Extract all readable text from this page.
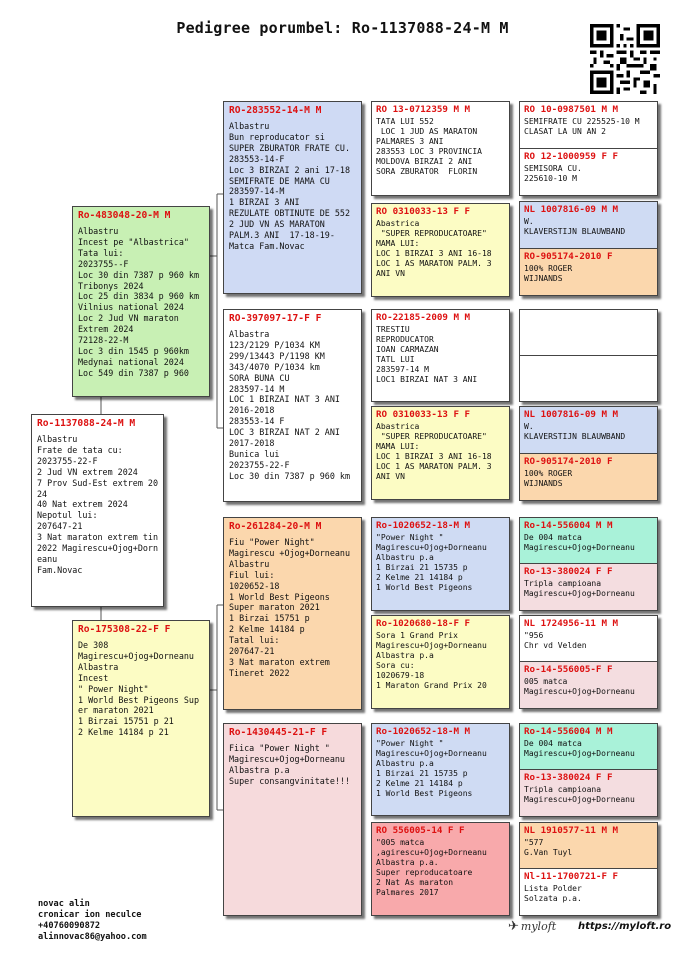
Pedigree porumbel: Ro-1137088-24-M M
Ro-1137088-24-M M
Albastru
Frate de tata cu:
2023755-22-F
2 Jud VN extrem 2024
7 Prov Sud-Est extrem 20
24
40 Nat extrem 2024
Nepotul lui:
207647-21
3 Nat maraton extrem tin
2022 Magirescu+Ojog+Dorn
eanu
Fam.Novac
Ro-483048-20-M M
Albastru
Incest pe "Albastrica"
Tata lui:
2023755--F
Loc 30 din 7387 p 960 km
Tribonys 2024
Loc 25 din 3834 p 960 km
Vilnius national 2024
Loc 2 Jud VN maraton
Extrem 2024
72128-22-M
Loc 3 din 1545 p 960km
Medynai national 2024
Loc 549 din 7387 p 960
Ro-175308-22-F F
De 308
Magirescu+Ojog+Dorneanu
Albastra
Incest
" Power Night"
1 World Best Pigeons Sup
er maraton 2021
1 Birzai 15751 p 21
2 Kelme 14184 p 21
RO-283552-14-M M
Albastru
Bun reproducator si
SUPER ZBURATOR FRATE CU.
283553-14-F
Loc 3 BIRZAI 2 ani 17-18
SEMIFRATE DE MAMA CU
283597-14-M
1 BIRZAI 3 ANI
REZULATE OBTINUTE DE 552
2 JUD VN AS MARATON
PALM.3 ANI  17-18-19-
Matca Fam.Novac
RO-397097-17-F F
Albastra
123/2129 P/1034 KM
299/13443 P/1198 KM
343/4070 P/1034 km
SORA BUNA CU
283597-14 M
LOC 1 BIRZAI NAT 3 ANI
2016-2018
283553-14 F
LOC 3 BIRZAI NAT 2 ANI
2017-2018
Bunica lui
2023755-22-F
Loc 30 din 7387 p 960 km
Ro-261284-20-M M
Fiu "Power Night"
Magirescu +Ojog+Dorneanu
Albastru
Fiul lui:
1020652-18
1 World Best Pigeons
Super maraton 2021
1 Birzai 15751 p
2 Kelme 14184 p
Tatal lui:
207647-21
3 Nat maraton extrem
Tineret 2022
Ro-1430445-21-F F
Fiica "Power Night "
Magirescu+Ojog+Dorneanu
Albastra p.a
Super consangvinitate!!!
RO 13-0712359 M M
TATA LUI 552
LOC 1 JUD AS MARATON
PALMARES 3 ANI
283553 LOC 3 PROVINCIA
MOLDOVA BIRZAI 2 ANI
SORA ZBURATOR  FLORIN
RO 0310033-13 F F
Abastrica
"SUPER REPRODUCATOARE"
MAMA LUI:
LOC 1 BIRZAI 3 ANI 16-18
LOC 1 AS MARATON PALM. 3
ANI VN
RO-22185-2009 M M
TRESTIU
REPRODUCATOR
IOAN CARMAZAN
TATL LUI
283597-14 M
LOC1 BIRZAI NAT 3 ANI
RO 0310033-13 F F
Abastrica
"SUPER REPRODUCATOARE"
MAMA LUI:
LOC 1 BIRZAI 3 ANI 16-18
LOC 1 AS MARATON PALM. 3
ANI VN
Ro-1020652-18-M M
"Power Night "
Magirescu+Ojog+Dorneanu
Albastru p.a
1 Birzai 21 15735 p
2 Kelme 21 14184 p
1 World Best Pigeons
Ro-1020680-18-F F
Sora 1 Grand Prix
Magirescu+Ojog+Dorneanu
Albastra p.a
Sora cu:
1020679-18
1 Maraton Grand Prix 20
Ro-1020652-18-M M
"Power Night "
Magirescu+Ojog+Dorneanu
Albastru p.a
1 Birzai 21 15735 p
2 Kelme 21 14184 p
1 World Best Pigeons
RO 556005-14 F F
"005 matca
,agirescu+Ojog+Dorneanu
Albastra p.a.
Super reproducatoare
2 Nat As maraton
Palmares 2017
RO 10-0987501 M M
SEMIFRATE CU 225525-10 M
CLASAT LA UN AN 2
RO 12-1000959 F F
SEMISORA CU.
225610-10 M
NL 1007816-09 M M
W.
KLAVERSTIJN BLAUWBAND
RO-905174-2010 F
100% ROGER
WIJNANDS
NL 1007816-09 M M
W.
KLAVERSTIJN BLAUWBAND
RO-905174-2010 F
100% ROGER
WIJNANDS
Ro-14-556004 M M
De 004 matca
Magirescu+Ojog+Dorneanu
Ro-13-380024 F F
Tripla campioana
Magirescu+Ojog+Dorneanu
NL 1724956-11 M M
"956
Chr vd Velden
Ro-14-556005-F F
005 matca
Magirescu+Ojog+Dorneanu
Ro-14-556004 M M
De 004 matca
Magirescu+Ojog+Dorneanu
Ro-13-380024 F F
Tripla campioana
Magirescu+Ojog+Dorneanu
NL 1910577-11 M M
"577
G.Van Tuyl
Nl-11-1700721-F F
Lista Polder
Solzata p.a.
novac alin
cronicar ion neculce
+40760090872
alinnovac86@yahoo.com
✈ myloft https://myloft.ro
